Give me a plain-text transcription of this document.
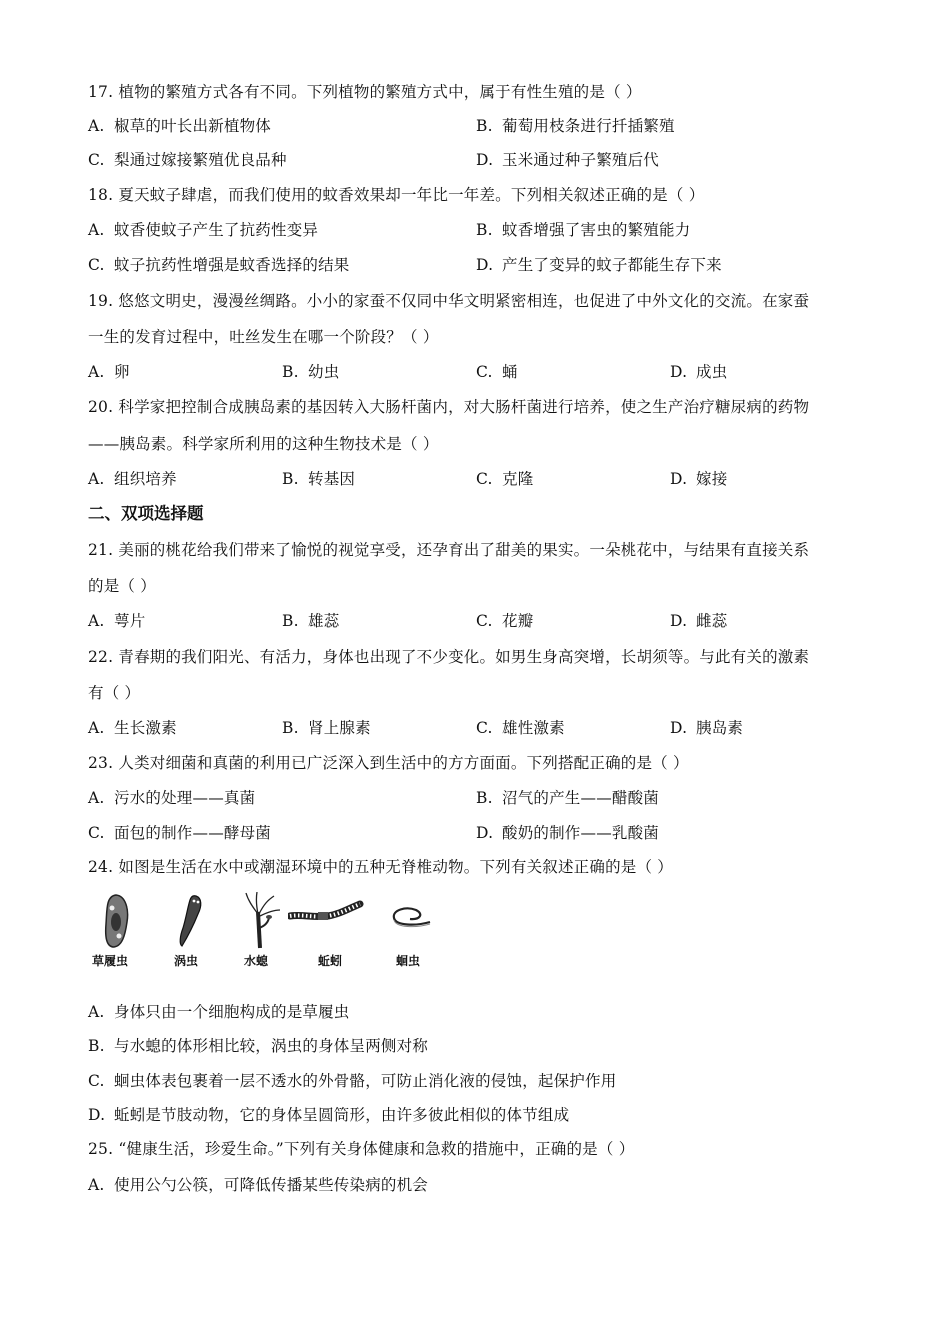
17. 植物的繁殖方式各有不同。下列植物的繁殖方式中，属于有性生殖的是（ ）
A. 椒草的叶长出新植物体	B. 葡萄用枝条进行扦插繁殖
C. 梨通过嫁接繁殖优良品种	D. 玉米通过种子繁殖后代
18. 夏天蚊子肆虐，而我们使用的蚊香效果却一年比一年差。下列相关叙述正确的是（ ）
A. 蚊香使蚊子产生了抗药性变异	B. 蚊香增强了害虫的繁殖能力
C. 蚊子抗药性增强是蚊香选择的结果	D. 产生了变异的蚊子都能生存下来
19. 悠悠文明史，漫漫丝绸路。小小的家蚕不仅同中华文明紧密相连，也促进了中外文化的交流。在家蚕
一生的发育过程中，吐丝发生在哪一个阶段？（ ）
A. 卵	B. 幼虫	C. 蛹	D. 成虫
20. 科学家把控制合成胰岛素的基因转入大肠杆菌内，对大肠杆菌进行培养，使之生产治疗糖尿病的药物
——胰岛素。科学家所利用的这种生物技术是（ ）
A. 组织培养	B. 转基因	C. 克隆	D. 嫁接
二、双项选择题
21. 美丽的桃花给我们带来了愉悦的视觉享受，还孕育出了甜美的果实。一朵桃花中，与结果有直接关系
的是（ ）
A. 萼片	B. 雄蕊	C. 花瓣	D. 雌蕊
22. 青春期的我们阳光、有活力，身体也出现了不少变化。如男生身高突增，长胡须等。与此有关的激素
有（ ）
A. 生长激素	B. 肾上腺素	C. 雄性激素	D. 胰岛素
23. 人类对细菌和真菌的利用已广泛深入到生活中的方方面面。下列搭配正确的是（ ）
A. 污水的处理——真菌	B. 沼气的产生——醋酸菌
C. 面包的制作——酵母菌	D. 酸奶的制作——乳酸菌
24. 如图是生活在水中或潮湿环境中的五种无脊椎动物。下列有关叙述正确的是（ ）
草履虫	涡虫	水螅	蚯蚓	蛔虫
A. 身体只由一个细胞构成的是草履虫
B. 与水螅的体形相比较，涡虫的身体呈两侧对称
C. 蛔虫体表包裹着一层不透水的外骨骼，可防止消化液的侵蚀，起保护作用
D. 蚯蚓是节肢动物，它的身体呈圆筒形，由许多彼此相似的体节组成
25. “健康生活，珍爱生命。”下列有关身体健康和急救的措施中，正确的是（ ）
A. 使用公勺公筷，可降低传播某些传染病的机会
